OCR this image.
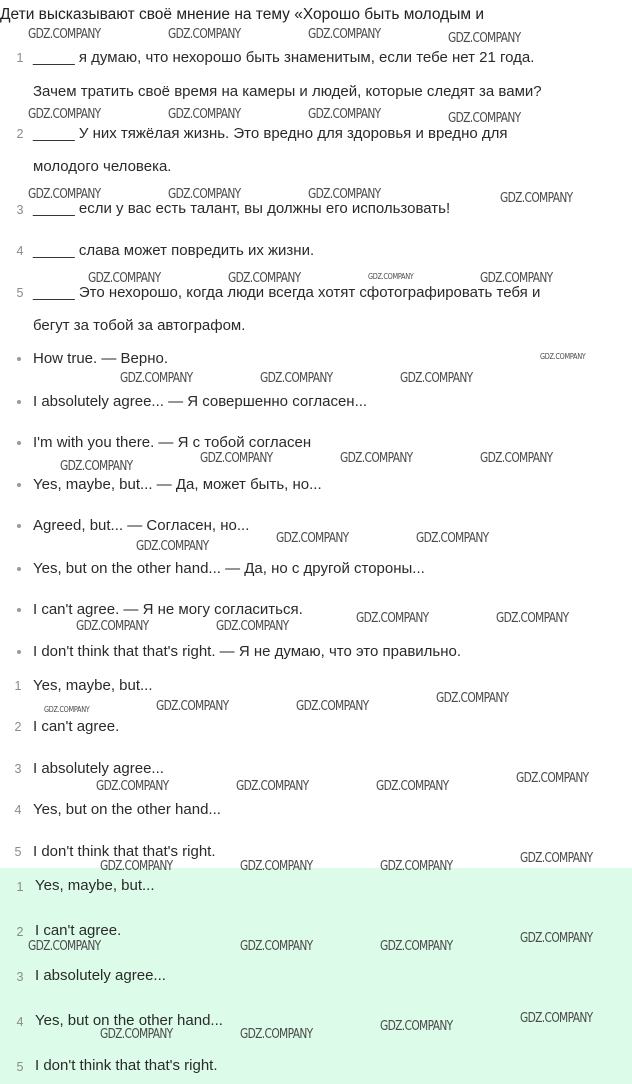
Дети высказывают своё мнение на тему «Хорошо быть молодым и
1 _____ я думаю, что нехорошо быть знаменитым, если тебе нет 21 года.
Зачем тратить своё время на камеры и людей, которые следят за вами?
2 _____ У них тяжёлая жизнь. Это вредно для здоровья и вредно для
молодого человека.
3 _____ если у вас есть талант, вы должны его использовать!
4 _____ слава может повредить их жизни.
5 _____ Это нехорошо, когда люди всегда хотят сфотографировать тебя и
бегут за тобой за автографом.
How true. — Верно.
I absolutely agree... — Я совершенно согласен...
I'm with you there. — Я с тобой согласен
Yes, maybe, but... — Да, может быть, но...
Agreed, but... — Согласен, но...
Yes, but on the other hand... — Да, но с другой стороны...
I can't agree. — Я не могу согласиться.
I don't think that that's right. — Я не думаю, что это правильно.
1 Yes, maybe, but...
2 I can't agree.
3 I absolutely agree...
4 Yes, but on the other hand...
5 I don't think that that's right.
1 Yes, maybe, but...
2 I can't agree.
3 I absolutely agree...
4 Yes, but on the other hand...
5 I don't think that that's right.
GDZ.COMPANY	GDZ.COMPANY	GDZ.COMPANY	GDZ.COMPANY
GDZ.COMPANY	GDZ.COMPANY	GDZ.COMPANY	GDZ.COMPANY
GDZ.COMPANY	GDZ.COMPANY	GDZ.COMPANY	GDZ.COMPANY
GDZ.COMPANY	GDZ.COMPANY	GDZ.COMPANY	GDZ.COMPANY
GDZ.COMPANY
GDZ.COMPANY	GDZ.COMPANY	GDZ.COMPANY
GDZ.COMPANY
GDZ.COMPANY	GDZ.COMPANY	GDZ.COMPANY
GDZ.COMPANY
GDZ.COMPANY	GDZ.COMPANY
GDZ.COMPANY	GDZ.COMPANY
GDZ.COMPANY	GDZ.COMPANY
GDZ.COMPANY	GDZ.COMPANY	GDZ.COMPANY
GDZ.COMPANY
GDZ.COMPANY	GDZ.COMPANY	GDZ.COMPANY
GDZ.COMPANY
GDZ.COMPANY	GDZ.COMPANY	GDZ.COMPANY
GDZ.COMPANY
GDZ.COMPANY	GDZ.COMPANY	GDZ.COMPANY
GDZ.COMPANY
GDZ.COMPANY	GDZ.COMPANY
GDZ.COMPANY
GDZ.COMPANY
